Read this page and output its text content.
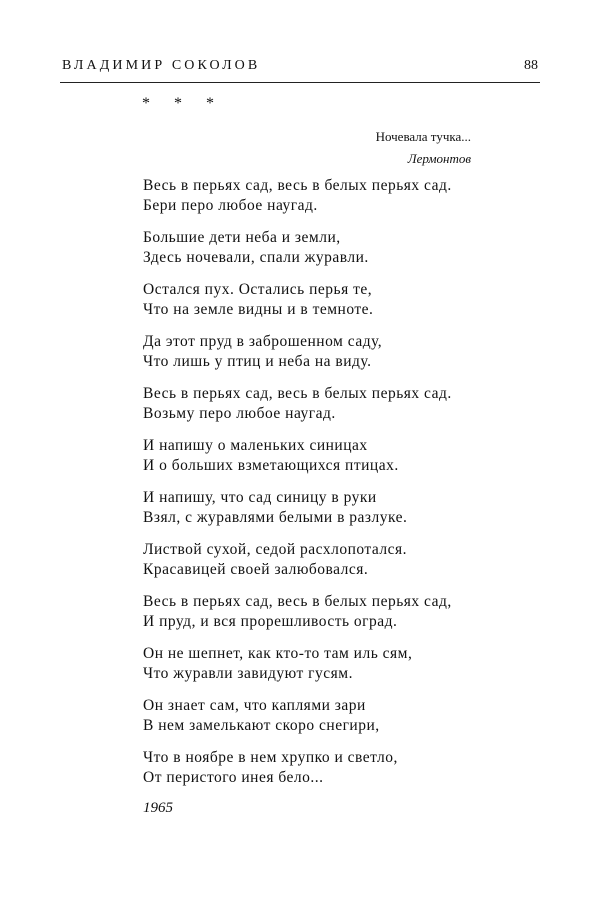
ВЛАДИМИР СОКОЛОВ	88
* * *
Ночевала тучка...
Лермонтов
Весь в перьях сад, весь в белых перьях сад.
Бери перо любое наугад.
Большие дети неба и земли,
Здесь ночевали, спали журавли.
Остался пух. Остались перья те,
Что на земле видны и в темноте.
Да этот пруд в заброшенном саду,
Что лишь у птиц и неба на виду.
Весь в перьях сад, весь в белых перьях сад.
Возьму перо любое наугад.
И напишу о маленьких синицах
И о больших взметающихся птицах.
И напишу, что сад синицу в руки
Взял, с журавлями белыми в разлуке.
Листвой сухой, седой расхлопотался.
Красавицей своей залюбовался.
Весь в перьях сад, весь в белых перьях сад,
И пруд, и вся прорешливость оград.
Он не шепнет, как кто-то там иль сям,
Что журавли завидуют гусям.
Он знает сам, что каплями зари
В нем замелькают скоро снегири,
Что в ноябре в нем хрупко и светло,
От перистого инея бело...
1965
